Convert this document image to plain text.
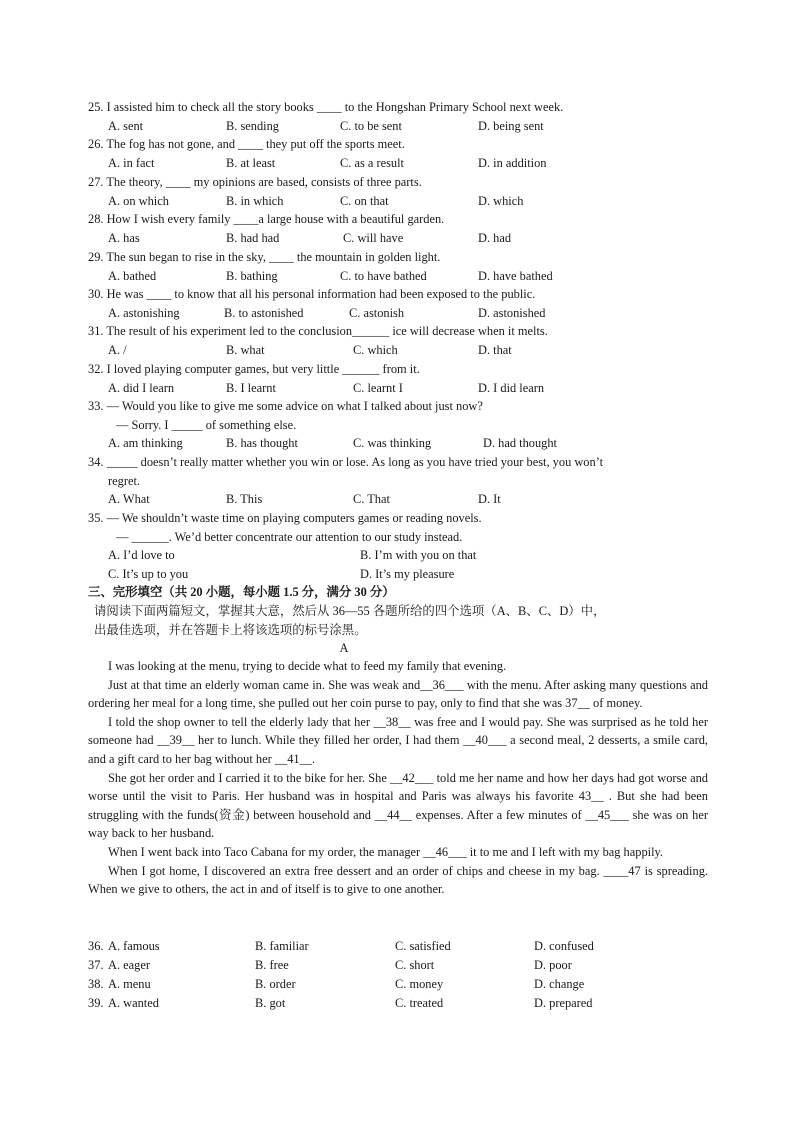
25. I assisted him to check all the story books ____ to the Hongshan Primary School next week.
A. sent	B. sending	C. to be sent	D. being sent
26. The fog has not gone, and ____ they put off the sports meet.
A. in fact	B. at least	C. as a result	D. in addition
27. The theory, ____ my opinions are based, consists of three parts.
A. on which	B. in which	C. on that	D. which
28. How I wish every family ____a large house with a beautiful garden.
A. has	B. had had	C. will have	D. had
29. The sun began to rise in the sky, ____ the mountain in golden light.
A. bathed	B. bathing	C. to have bathed	D. have bathed
30. He was ____ to know that all his personal information had been exposed to the public.
A. astonishing	B. to astonished	C. astonish	D. astonished
31. The result of his experiment led to the conclusion______ ice will decrease when it melts.
A. /	B. what	C. which	D. that
32. I loved playing computer games, but very little ______ from it.
A. did I learn	B. I learnt	C. learnt I	D. I did learn
33. — Would you like to give me some advice on what I talked about just now?
— Sorry. I _____ of something else.
A. am thinking	B. has thought	C. was thinking	D. had thought
34. _____ doesn’t really matter whether you win or lose. As long as you have tried your best, you won’t
regret.
A. What	B. This	C. That	D. It
35. — We shouldn’t waste time on playing computers games or reading novels.
— ______. We’d better concentrate our attention to our study instead.
A. I’d love to	B. I’m with you on that
C. It’s up to you	D. It’s my pleasure
三、完形填空（共 20 小题，每小题 1.5 分，满分 30 分）
请阅读下面两篇短文，掌握其大意，然后从 36—55 各题所给的四个选项（A、B、C、D）中，
出最佳选项，并在答题卡上将该选项的标号涂黑。
A

I was looking at the menu, trying to decide what to feed my family that evening.

Just at that time an elderly woman came in. She was weak and__36___ with the menu. After asking many questions and ordering her meal for a long time, she pulled out her coin purse to pay, only to find that she was 37__ of money.

I told the shop owner to tell the elderly lady that her __38__ was free and I would pay. She was surprised as he told her someone had __39__ her to lunch. While they filled her order, I had them __40___ a second meal, 2 desserts, a smile card, and a gift card to her bag without her __41__.

She got her order and I carried it to the bike for her. She __42___ told me her name and how her days had got worse and worse until the visit to Paris. Her husband was in hospital and Paris was always his favorite 43__ . But she had been struggling with the funds(资金) between household and __44__ expenses. After a few minutes of __45___ she was on her way back to her husband.

When I went back into Taco Cabana for my order, the manager __46___ it to me and I left with my bag happily.

When I got home, I discovered an extra free dessert and an order of chips and cheese in my bag. ____47 is spreading. When we give to others, the act in and of itself is to give to one another.

36. A. famous	B. familiar	C. satisfied	D. confused
37. A. eager	B. free	C. short	D. poor
38. A. menu	B. order	C. money	D. change
39. A. wanted	B. got	C. treated	D. prepared
